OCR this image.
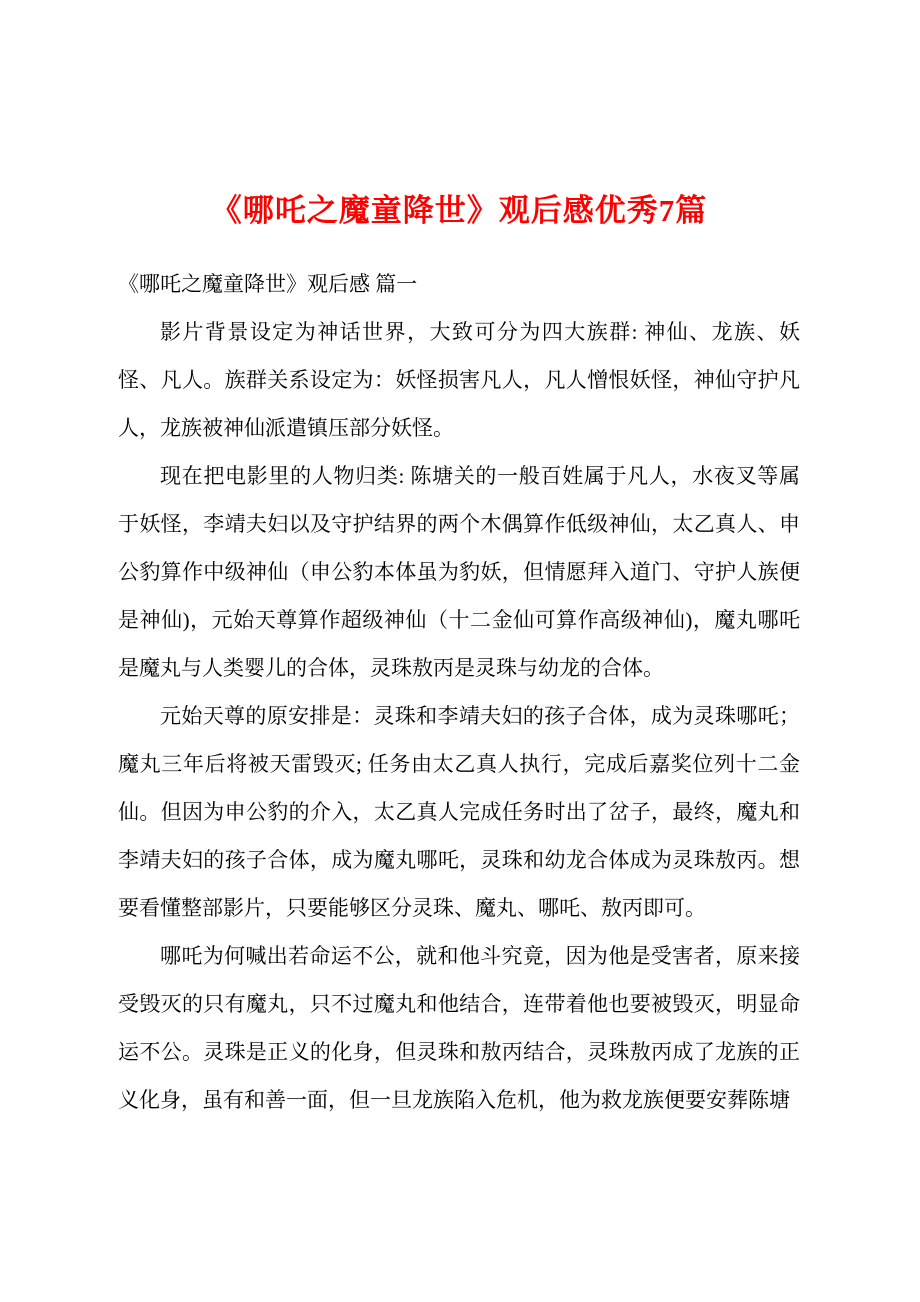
《哪吒之魔童降世》观后感优秀7篇

《哪吒之魔童降世》观后感 篇一

影片背景设定为神话世界，大致可分为四大族群: 神仙、龙族、妖怪、凡人。族群关系设定为：妖怪损害凡人，凡人憎恨妖怪，神仙守护凡人，龙族被神仙派遣镇压部分妖怪。

现在把电影里的人物归类: 陈塘关的一般百姓属于凡人，水夜叉等属于妖怪，李靖夫妇以及守护结界的两个木偶算作低级神仙，太乙真人、申公豹算作中级神仙（申公豹本体虽为豹妖，但情愿拜入道门、守护人族便是神仙)，元始天尊算作超级神仙（十二金仙可算作高级神仙)，魔丸哪吒是魔丸与人类婴儿的合体，灵珠敖丙是灵珠与幼龙的合体。

元始天尊的原安排是：灵珠和李靖夫妇的孩子合体，成为灵珠哪吒；魔丸三年后将被天雷毁灭; 任务由太乙真人执行，完成后嘉奖位列十二金仙。但因为申公豹的介入，太乙真人完成任务时出了岔子，最终，魔丸和李靖夫妇的孩子合体，成为魔丸哪吒，灵珠和幼龙合体成为灵珠敖丙。想要看懂整部影片，只要能够区分灵珠、魔丸、哪吒、敖丙即可。

哪吒为何喊出若命运不公，就和他斗究竟，因为他是受害者，原来接受毁灭的只有魔丸，只不过魔丸和他结合，连带着他也要被毁灭，明显命运不公。灵珠是正义的化身，但灵珠和敖丙结合，灵珠敖丙成了龙族的正义化身，虽有和善一面，但一旦龙族陷入危机，他为救龙族便要安葬陈塘
